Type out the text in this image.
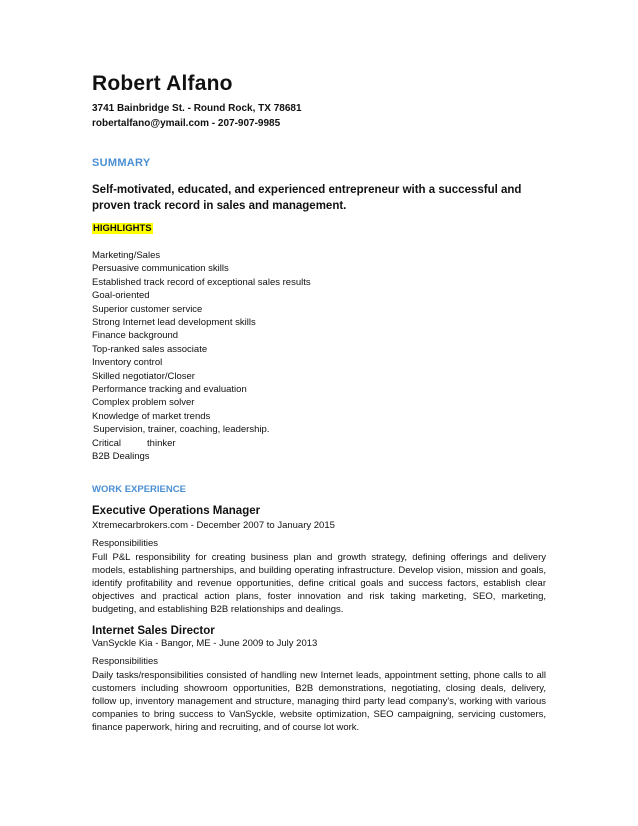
Robert Alfano
3741 Bainbridge St. - Round Rock, TX 78681
robertalfano@ymail.com - 207-907-9985
SUMMARY
Self-motivated, educated, and experienced entrepreneur with a successful and proven track record in sales and management.
HIGHLIGHTS
Marketing/Sales
Persuasive communication skills
Established track record of exceptional sales results
Goal-oriented
Superior customer service
Strong Internet lead development skills
Finance background
Top-ranked sales associate
Inventory control
Skilled negotiator/Closer
Performance tracking and evaluation
Complex problem solver
Knowledge of market trends
Supervision, trainer, coaching, leadership.
Critical	thinker
B2B Dealings
WORK EXPERIENCE
Executive Operations Manager
Xtremecarbrokers.com - December 2007 to January 2015
Responsibilities
Full P&L responsibility for creating business plan and growth strategy, defining offerings and delivery models, establishing partnerships, and building operating infrastructure. Develop vision, mission and goals, identify profitability and revenue opportunities, define critical goals and success factors, establish clear objectives and practical action plans, foster innovation and risk taking marketing, SEO, marketing, budgeting, and establishing B2B relationships and dealings.
Internet Sales Director
VanSyckle Kia - Bangor, ME - June 2009 to July 2013
Responsibilities
Daily tasks/responsibilities consisted of handling new Internet leads, appointment setting, phone calls to all customers including showroom opportunities, B2B demonstrations, negotiating, closing deals, delivery, follow up, inventory management and structure, managing third party lead company's, working with various companies to bring success to VanSyckle, website optimization, SEO campaigning, servicing customers, finance paperwork, hiring and recruiting, and of course lot work.
